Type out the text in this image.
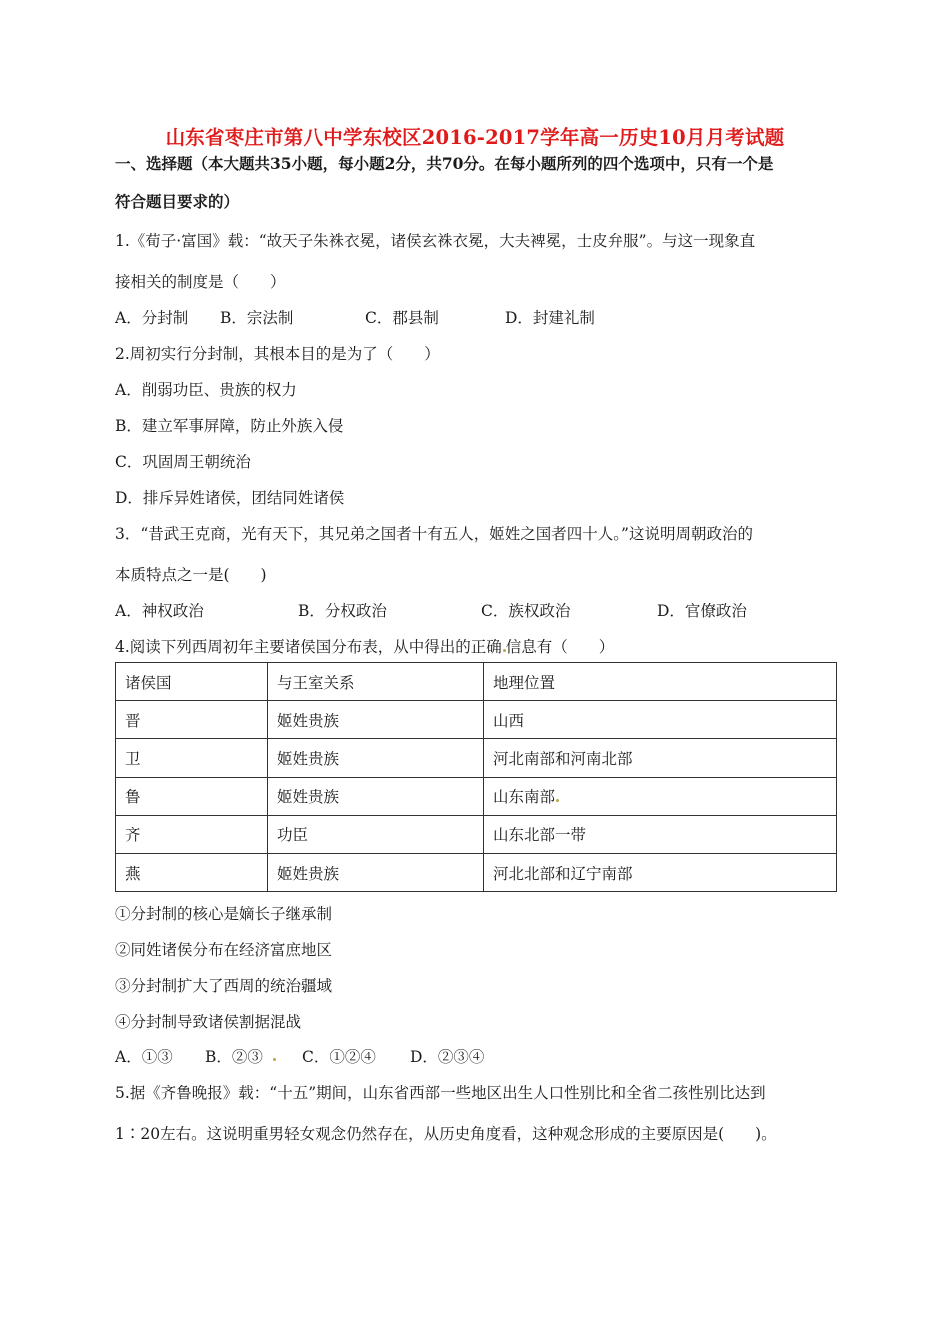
山东省枣庄市第八中学东校区2016-2017学年高一历史10月月考试题
一、选择题（本大题共35小题，每小题2分，共70分。在每小题所列的四个选项中，只有一个是
符合题目要求的）
1.《荀子·富国》载：“故天子朱袾衣冕，诸侯玄袾衣冕，大夫裨冕，士皮弁服”。与这一现象直
接相关的制度是（　　）
A．分封制 B．宗法制	C．郡县制	D．封建礼制
2.周初实行分封制，其根本目的是为了（　　）
A．削弱功臣、贵族的权力
B．建立军事屏障，防止外族入侵
C．巩固周王朝统治
D．排斥异姓诸侯，团结同姓诸侯
3．“昔武王克商，光有天下，其兄弟之国者十有五人，姬姓之国者四十人。”这说明周朝政治的
本质特点之一是(　　)
A．神权政治	B．分权政治	C．族权政治	D．官僚政治
4.阅读下列西周初年主要诸侯国分布表，从中得出的正确 信息有（　　）
诸侯国	与王室关系	地理位置
晋	姬姓贵族	山西
卫	姬姓贵族	河北南部和河南北部
鲁	姬姓贵族	山东南部
齐	功臣	山东北部一带
燕	姬姓贵族	河北北部和辽宁南部
①分封制的核心是嫡长子继承制
②同姓诸侯分布在经济富庶地区
③分封制扩大了西周的统治疆域
④分封制导致诸侯割据混战
A．①③ B．②③	C．①②④ D．②③④
5.据《齐鲁晚报》载：“十五”期间，山东省西部一些地区出生人口性别比和全省二孩性别比达到
1∶20左右。这说明重男轻女观念仍然存在，从历史角度看，这种观念形成的主要原因是(　　)。
